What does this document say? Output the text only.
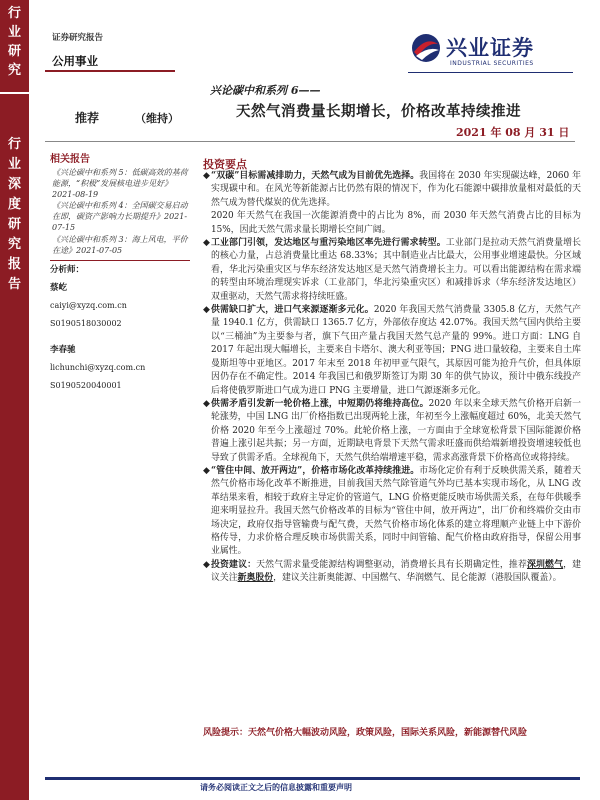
行
业
研
究
行
业
深
度
研
究
报
告
证券研究报告
公用事业
兴业证券
INDUSTRIAL SECURITIES
兴论碳中和系列 6——
天然气消费量长期增长，价格改革持续推进
推荐	（维持）
2021 年 08 月 31 日
相关报告
《兴论碳中和系列 5：低碳高效的基荷能源，“积极”发展核电进步见好》2021-08-19
《兴论碳中和系列 4：全国碳交易启动在即，碳资产影响力长期提升》2021-07-15
《兴论碳中和系列 3：海上风电，平价在途》2021-07-05
分析师：
蔡屹
caiyi@xyzq.com.cn
S0190518030002
李春驰
lichunchi@xyzq.com.cn
S0190520040001
投资要点
◆ “双碳”目标需减排助力，天然气成为目前优先选择。我国将在 2030 年实现碳达峰，2060 年实现碳中和。在风光等新能源占比仍然有限的情况下，作为化石能源中碳排放量相对最低的天然气成为替代煤炭的优先选择。
2020 年天然气在我国一次能源消费中的占比为 8%，而 2030 年天然气消费占比的目标为 15%，因此天然气需求量长期增长空间广阔。
◆ 工业部门引领，发达地区与重污染地区率先进行需求转型。工业部门是拉动天然气消费量增长的核心力量，占总消费量比重达 68.33%；其中制造业占比最大，公用事业增速最快。分区域看，华北污染重灾区与华东经济发达地区是天然气消费增长主力。可以看出能源结构在需求端的转型由环境治理现实诉求（工业部门，华北污染重灾区）和减排诉求（华东经济发达地区）双重驱动，天然气需求将持续旺盛。
◆ 供需缺口扩大，进口气来源逐渐多元化。2020 年我国天然气消费量 3305.8 亿方，天然气产量 1940.1 亿方，供需缺口 1365.7 亿方，外部依存度达 42.07%。我国天然气国内供给主要以“三桶油”为主要参与者，旗下气田产量占我国天然气总产量的 99%。进口方面：LNG 自 2017 年起出现大幅增长，主要来自卡塔尔、澳大利亚等国；PNG 进口量较稳，主要来自土库曼斯坦等中亚地区。2017 年末至 2018 年初甲亚气限气，其原因可能为抢升气价，但具体原因仍存在不确定性。2014 年我国已和俄罗斯签订为期 30 年的供气协议，预计中俄东线投产后将使俄罗斯进口气成为进口 PNG 主要增量，进口气源逐渐多元化。
◆ 供需矛盾引发新一轮价格上涨，中短期仍将维持高位。2020 年以来全球天然气价格开启新一轮涨势，中国 LNG 出厂价格指数已出现两轮上涨，年初至今上涨幅度超过 60%，北美天然气价格 2020 年至今上涨超过 70%。此轮价格上涨，一方面由于全球宽松背景下国际能源价格普遍上涨引起共振；另一方面，近期缺电背景下天然气需求旺盛而供给端新增投资增速较低也导致了供需矛盾。全球视角下，天然气供给端增速平稳，需求高涨背景下价格高位或将持续。
◆ “管住中间、放开两边”，价格市场化改革持续推进。市场化定价有利于反映供需关系，随着天然气价格市场化改革不断推进，目前我国天然气除管道气外均已基本实现市场化，从 LNG 改革结果来看，相较于政府主导定价的管道气，LNG 价格更能反映市场供需关系，在每年供暖季迎来明显拉升。我国天然气价格改革的目标为“管住中间，放开两边”，出厂价和终端价交由市场决定，政府仅指导管输费与配气费，天然气价格市场化体系的建立将理顺产业链上中下游价格传导，力求价格合理反映市场供需关系，同时中间管输、配气价格由政府指导，保留公用事业属性。
◆ 投资建议：天然气需求量受能源结构调整驱动，消费增长具有长期确定性，推荐深圳燃气，建议关注新奥股份，建议关注新奥能源、中国燃气、华润燃气、昆仑能源（港股国队覆盖）。
风险提示：天然气价格大幅波动风险，政策风险，国际关系风险，新能源替代风险
请务必阅读正文之后的信息披露和重要声明
